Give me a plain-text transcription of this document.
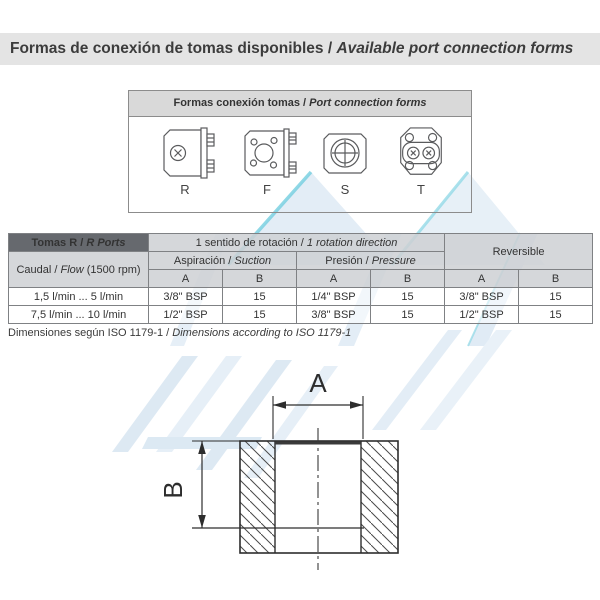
Formas de conexión de tomas disponibles / Available port connection forms
Formas conexión tomas / Port connection forms
R	F	S	T
Tomas R / R Ports	1 sentido de rotación / 1 rotation direction				Reversible	
Caudal / Flow (1500 rpm)	Aspiración / Suction		Presión / Pressure			
	A	B	A	B	A	B
1,5 l/min ... 5 l/min	3/8" BSP	15	1/4" BSP	15	3/8" BSP	15
7,5 l/min ... 10 l/min	1/2" BSP	15	3/8" BSP	15	1/2" BSP	15
Dimensiones según ISO 1179-1 / Dimensions according to ISO 1179-1
A
B
